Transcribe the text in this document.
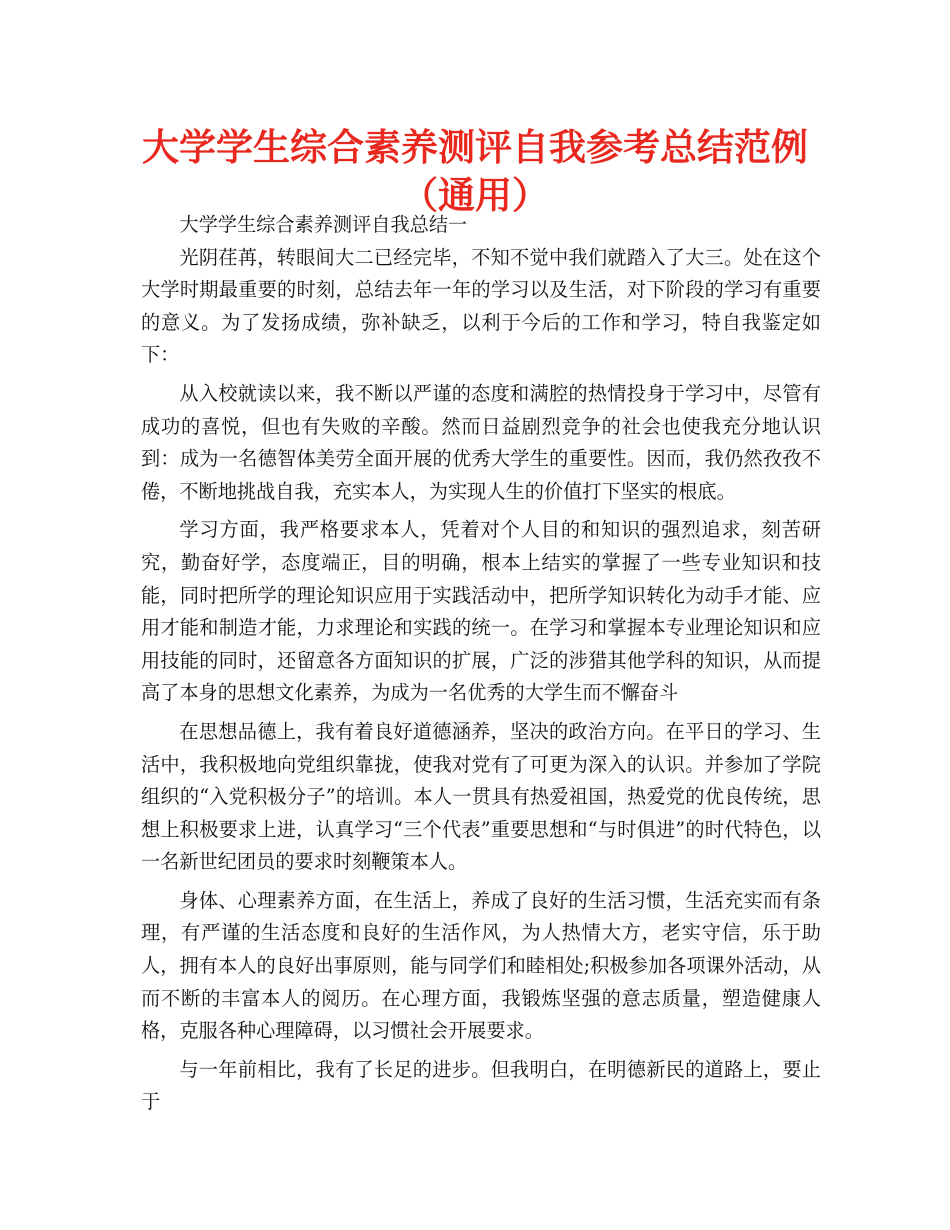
大学学生综合素养测评自我参考总结范例（通用）

大学学生综合素养测评自我总结一

光阴荏苒，转眼间大二已经完毕，不知不觉中我们就踏入了大三。处在这个大学时期最重要的时刻，总结去年一年的学习以及生活，对下阶段的学习有重要的意义。为了发扬成绩，弥补缺乏，以利于今后的工作和学习，特自我鉴定如下：

从入校就读以来，我不断以严谨的态度和满腔的热情投身于学习中，尽管有成功的喜悦，但也有失败的辛酸。然而日益剧烈竞争的社会也使我充分地认识到：成为一名德智体美劳全面开展的优秀大学生的重要性。因而，我仍然孜孜不倦，不断地挑战自我，充实本人，为实现人生的价值打下坚实的根底。

学习方面，我严格要求本人，凭着对个人目的和知识的强烈追求，刻苦研究，勤奋好学，态度端正，目的明确，根本上结实的掌握了一些专业知识和技能，同时把所学的理论知识应用于实践活动中，把所学知识转化为动手才能、应用才能和制造才能，力求理论和实践的统一。在学习和掌握本专业理论知识和应用技能的同时，还留意各方面知识的扩展，广泛的涉猎其他学科的知识，从而提高了本身的思想文化素养，为成为一名优秀的大学生而不懈奋斗

在思想品德上，我有着良好道德涵养，坚决的政治方向。在平日的学习、生活中，我积极地向党组织靠拢，使我对党有了可更为深入的认识。并参加了学院组织的“入党积极分子”的培训。本人一贯具有热爱祖国，热爱党的优良传统，思想上积极要求上进，认真学习“三个代表”重要思想和“与时俱进”的时代特色，以一名新世纪团员的要求时刻鞭策本人。

身体、心理素养方面，在生活上，养成了良好的生活习惯，生活充实而有条理，有严谨的生活态度和良好的生活作风，为人热情大方，老实守信，乐于助人，拥有本人的良好出事原则，能与同学们和睦相处;积极参加各项课外活动，从而不断的丰富本人的阅历。在心理方面，我锻炼坚强的意志质量，塑造健康人格，克服各种心理障碍，以习惯社会开展要求。

与一年前相比，我有了长足的进步。但我明白，在明德新民的道路上，要止于
